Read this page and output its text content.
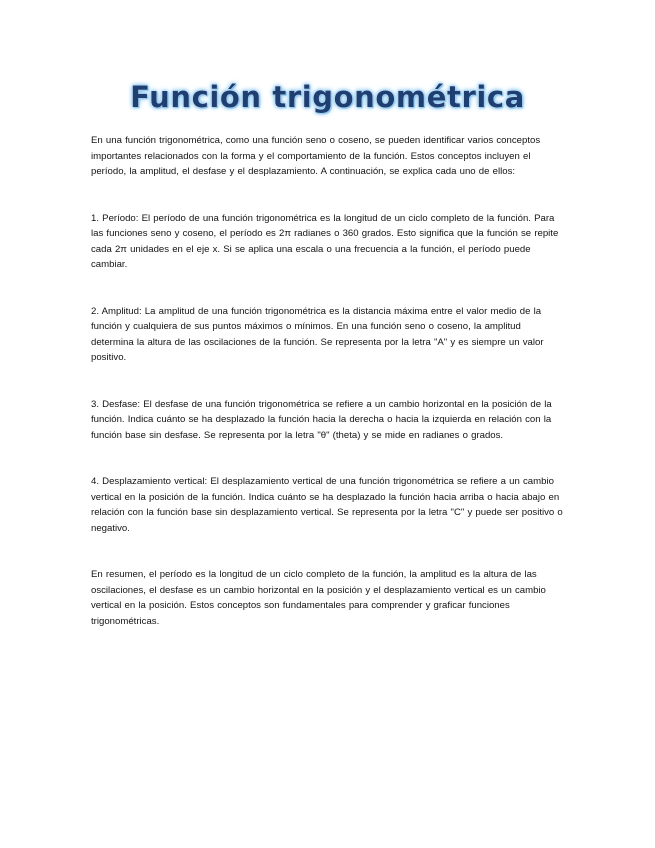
Función trigonométrica

En una función trigonométrica, como una función seno o coseno, se pueden identificar varios conceptos importantes relacionados con la forma y el comportamiento de la función. Estos conceptos incluyen el período, la amplitud, el desfase y el desplazamiento. A continuación, se explica cada uno de ellos:

1. Período: El período de una función trigonométrica es la longitud de un ciclo completo de la función. Para las funciones seno y coseno, el período es 2π radianes o 360 grados. Esto significa que la función se repite cada 2π unidades en el eje x. Si se aplica una escala o una frecuencia a la función, el período puede cambiar.

2. Amplitud: La amplitud de una función trigonométrica es la distancia máxima entre el valor medio de la función y cualquiera de sus puntos máximos o mínimos. En una función seno o coseno, la amplitud determina la altura de las oscilaciones de la función. Se representa por la letra "A" y es siempre un valor positivo.

3. Desfase: El desfase de una función trigonométrica se refiere a un cambio horizontal en la posición de la función. Indica cuánto se ha desplazado la función hacia la derecha o hacia la izquierda en relación con la función base sin desfase. Se representa por la letra "θ" (theta) y se mide en radianes o grados.

4. Desplazamiento vertical: El desplazamiento vertical de una función trigonométrica se refiere a un cambio vertical en la posición de la función. Indica cuánto se ha desplazado la función hacia arriba o hacia abajo en relación con la función base sin desplazamiento vertical. Se representa por la letra "C" y puede ser positivo o negativo.

En resumen, el período es la longitud de un ciclo completo de la función, la amplitud es la altura de las oscilaciones, el desfase es un cambio horizontal en la posición y el desplazamiento vertical es un cambio vertical en la posición. Estos conceptos son fundamentales para comprender y graficar funciones trigonométricas.
